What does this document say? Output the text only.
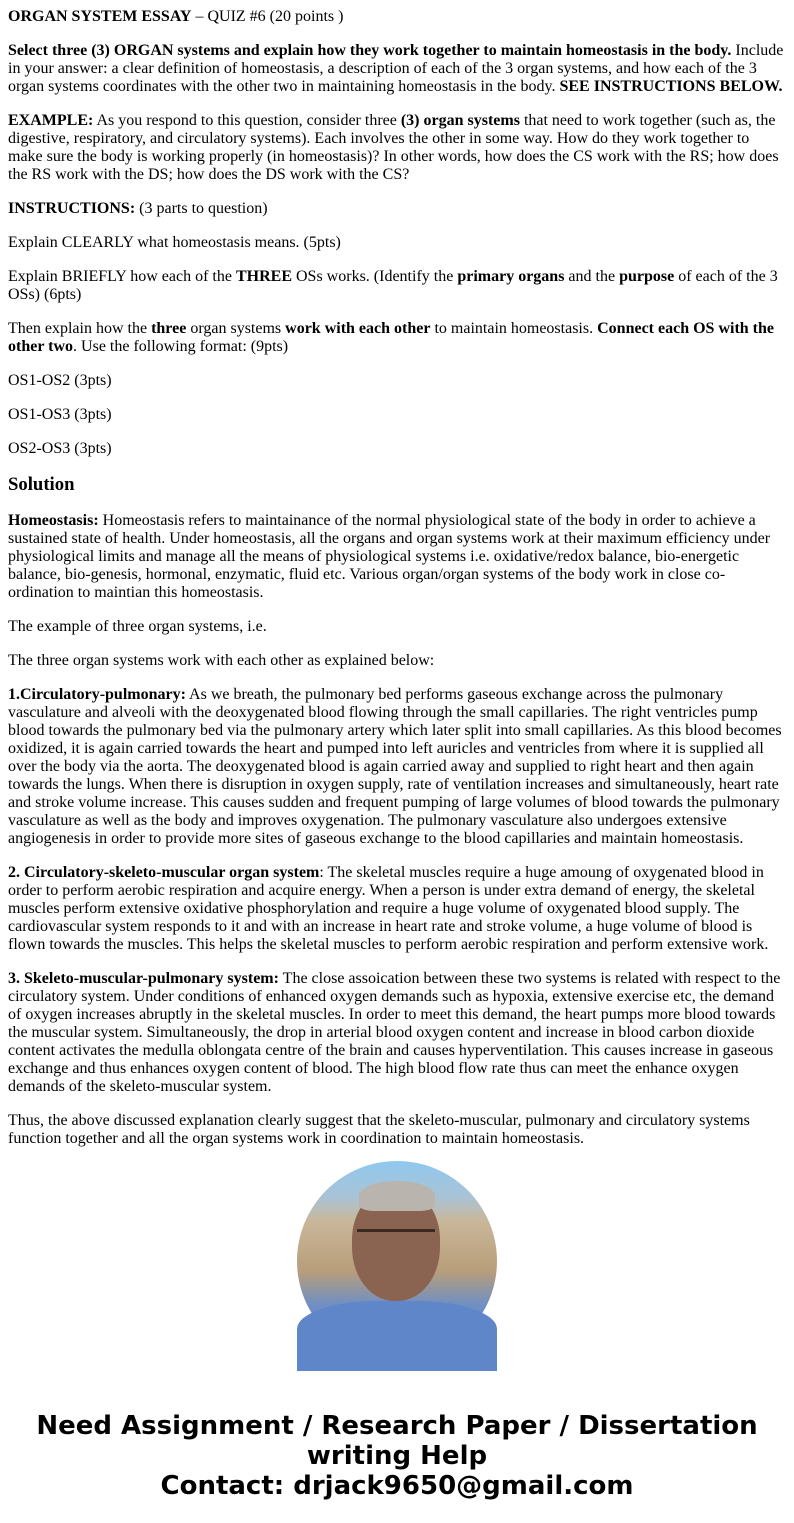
ORGAN SYSTEM ESSAY – QUIZ #6 (20 points )

Select three (3) ORGAN systems and explain how they work together to maintain homeostasis in the body. Include in your answer: a clear definition of homeostasis, a description of each of the 3 organ systems, and how each of the 3 organ systems coordinates with the other two in maintaining homeostasis in the body. SEE INSTRUCTIONS BELOW.

EXAMPLE: As you respond to this question, consider three (3) organ systems that need to work together (such as, the digestive, respiratory, and circulatory systems). Each involves the other in some way. How do they work together to make sure the body is working properly (in homeostasis)? In other words, how does the CS work with the RS; how does the RS work with the DS; how does the DS work with the CS?

INSTRUCTIONS: (3 parts to question)

Explain CLEARLY what homeostasis means. (5pts)

Explain BRIEFLY how each of the THREE OSs works. (Identify the primary organs and the purpose of each of the 3 OSs) (6pts)

Then explain how the three organ systems work with each other to maintain homeostasis. Connect each OS with the other two. Use the following format: (9pts)

OS1-OS2 (3pts)

OS1-OS3 (3pts)

OS2-OS3 (3pts)

Solution

Homeostasis: Homeostasis refers to maintainance of the normal physiological state of the body in order to achieve a sustained state of health. Under homeostasis, all the organs and organ systems work at their maximum efficiency under physiological limits and manage all the means of physiological systems i.e. oxidative/redox balance, bio-energetic balance, bio-genesis, hormonal, enzymatic, fluid etc. Various organ/organ systems of the body work in close co-ordination to maintian this homeostasis.

The example of three organ systems, i.e.

The three organ systems work with each other as explained below:

1.Circulatory-pulmonary: As we breath, the pulmonary bed performs gaseous exchange across the pulmonary vasculature and alveoli with the deoxygenated blood flowing through the small capillaries. The right ventricles pump blood towards the pulmonary bed via the pulmonary artery which later split into small capillaries. As this blood becomes oxidized, it is again carried towards the heart and pumped into left auricles and ventricles from where it is supplied all over the body via the aorta. The deoxygenated blood is again carried away and supplied to right heart and then again towards the lungs. When there is disruption in oxygen supply, rate of ventilation increases and simultaneously, heart rate and stroke volume increase. This causes sudden and frequent pumping of large volumes of blood towards the pulmonary vasculature as well as the body and improves oxygenation. The pulmonary vasculature also undergoes extensive angiogenesis in order to provide more sites of gaseous exchange to the blood capillaries and maintain homeostasis.

2. Circulatory-skeleto-muscular organ system: The skeletal muscles require a huge amoung of oxygenated blood in order to perform aerobic respiration and acquire energy. When a person is under extra demand of energy, the skeletal muscles perform extensive oxidative phosphorylation and require a huge volume of oxygenated blood supply. The cardiovascular system responds to it and with an increase in heart rate and stroke volume, a huge volume of blood is flown towards the muscles. This helps the skeletal muscles to perform aerobic respiration and perform extensive work.

3. Skeleto-muscular-pulmonary system: The close assoication between these two systems is related with respect to the circulatory system. Under conditions of enhanced oxygen demands such as hypoxia, extensive exercise etc, the demand of oxygen increases abruptly in the skeletal muscles. In order to meet this demand, the heart pumps more blood towards the muscular system. Simultaneously, the drop in arterial blood oxygen content and increase in blood carbon dioxide content activates the medulla oblongata centre of the brain and causes hyperventilation. This causes increase in gaseous exchange and thus enhances oxygen content of blood. The high blood flow rate thus can meet the enhance oxygen demands of the skeleto-muscular system.

Thus, the above discussed explanation clearly suggest that the skeleto-muscular, pulmonary and circulatory systems function together and all the organ systems work in coordination to maintain homeostasis.

Need Assignment / Research Paper / Dissertation writing Help
Contact: drjack9650@gmail.com
